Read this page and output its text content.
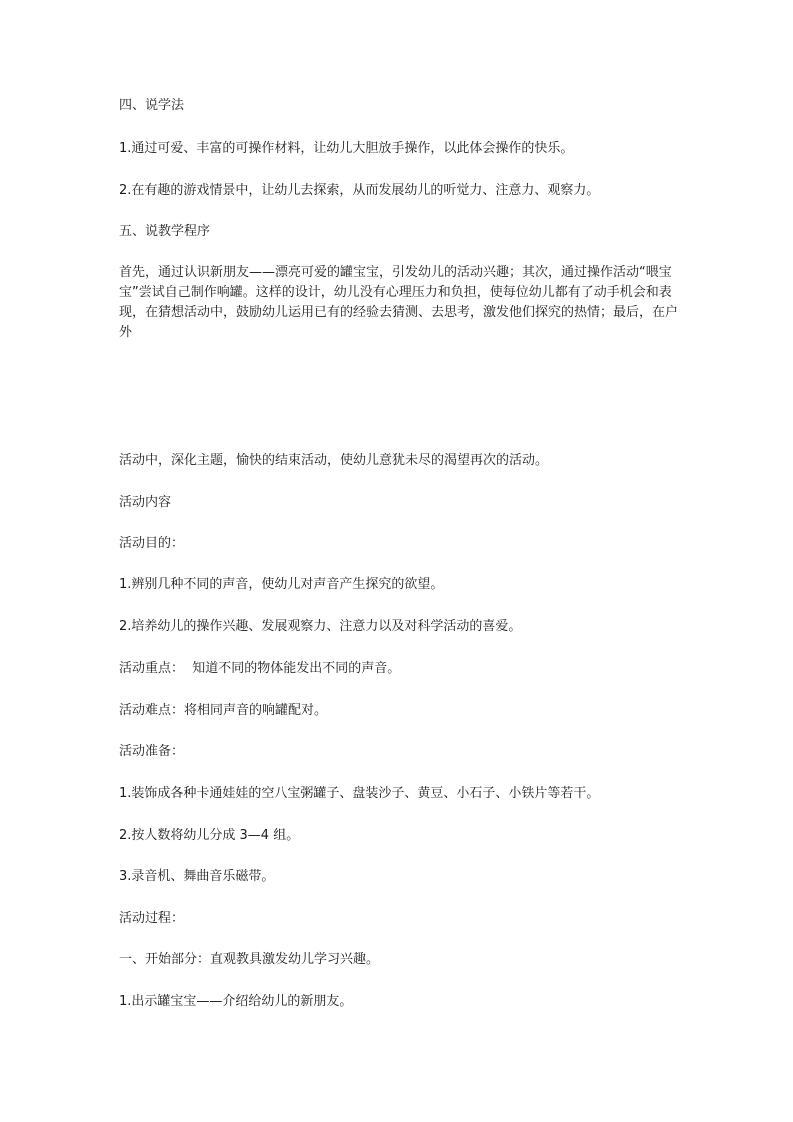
四、说学法

1.通过可爱、丰富的可操作材料，让幼儿大胆放手操作，以此体会操作的快乐。

2.在有趣的游戏情景中，让幼儿去探索，从而发展幼儿的听觉力、注意力、观察力。

五、说教学程序

首先，通过认识新朋友——漂亮可爱的罐宝宝，引发幼儿的活动兴趣；其次，通过操作活动“喂宝宝”尝试自己制作响罐。这样的设计，幼儿没有心理压力和负担，使每位幼儿都有了动手机会和表现，在猜想活动中，鼓励幼儿运用已有的经验去猜测、去思考，激发他们探究的热情；最后，在户外

活动中，深化主题，愉快的结束活动，使幼儿意犹未尽的渴望再次的活动。

活动内容

活动目的：

1.辨别几种不同的声音，使幼儿对声音产生探究的欲望。

2.培养幼儿的操作兴趣、发展观察力、注意力以及对科学活动的喜爱。

活动重点：  知道不同的物体能发出不同的声音。

活动难点：将相同声音的响罐配对。

活动准备：

1.装饰成各种卡通娃娃的空八宝粥罐子、盘装沙子、黄豆、小石子、小铁片等若干。

2.按人数将幼儿分成 3—4 组。

3.录音机、舞曲音乐磁带。

活动过程：

一、开始部分：直观教具激发幼儿学习兴趣。

1.出示罐宝宝——介绍给幼儿的新朋友。
